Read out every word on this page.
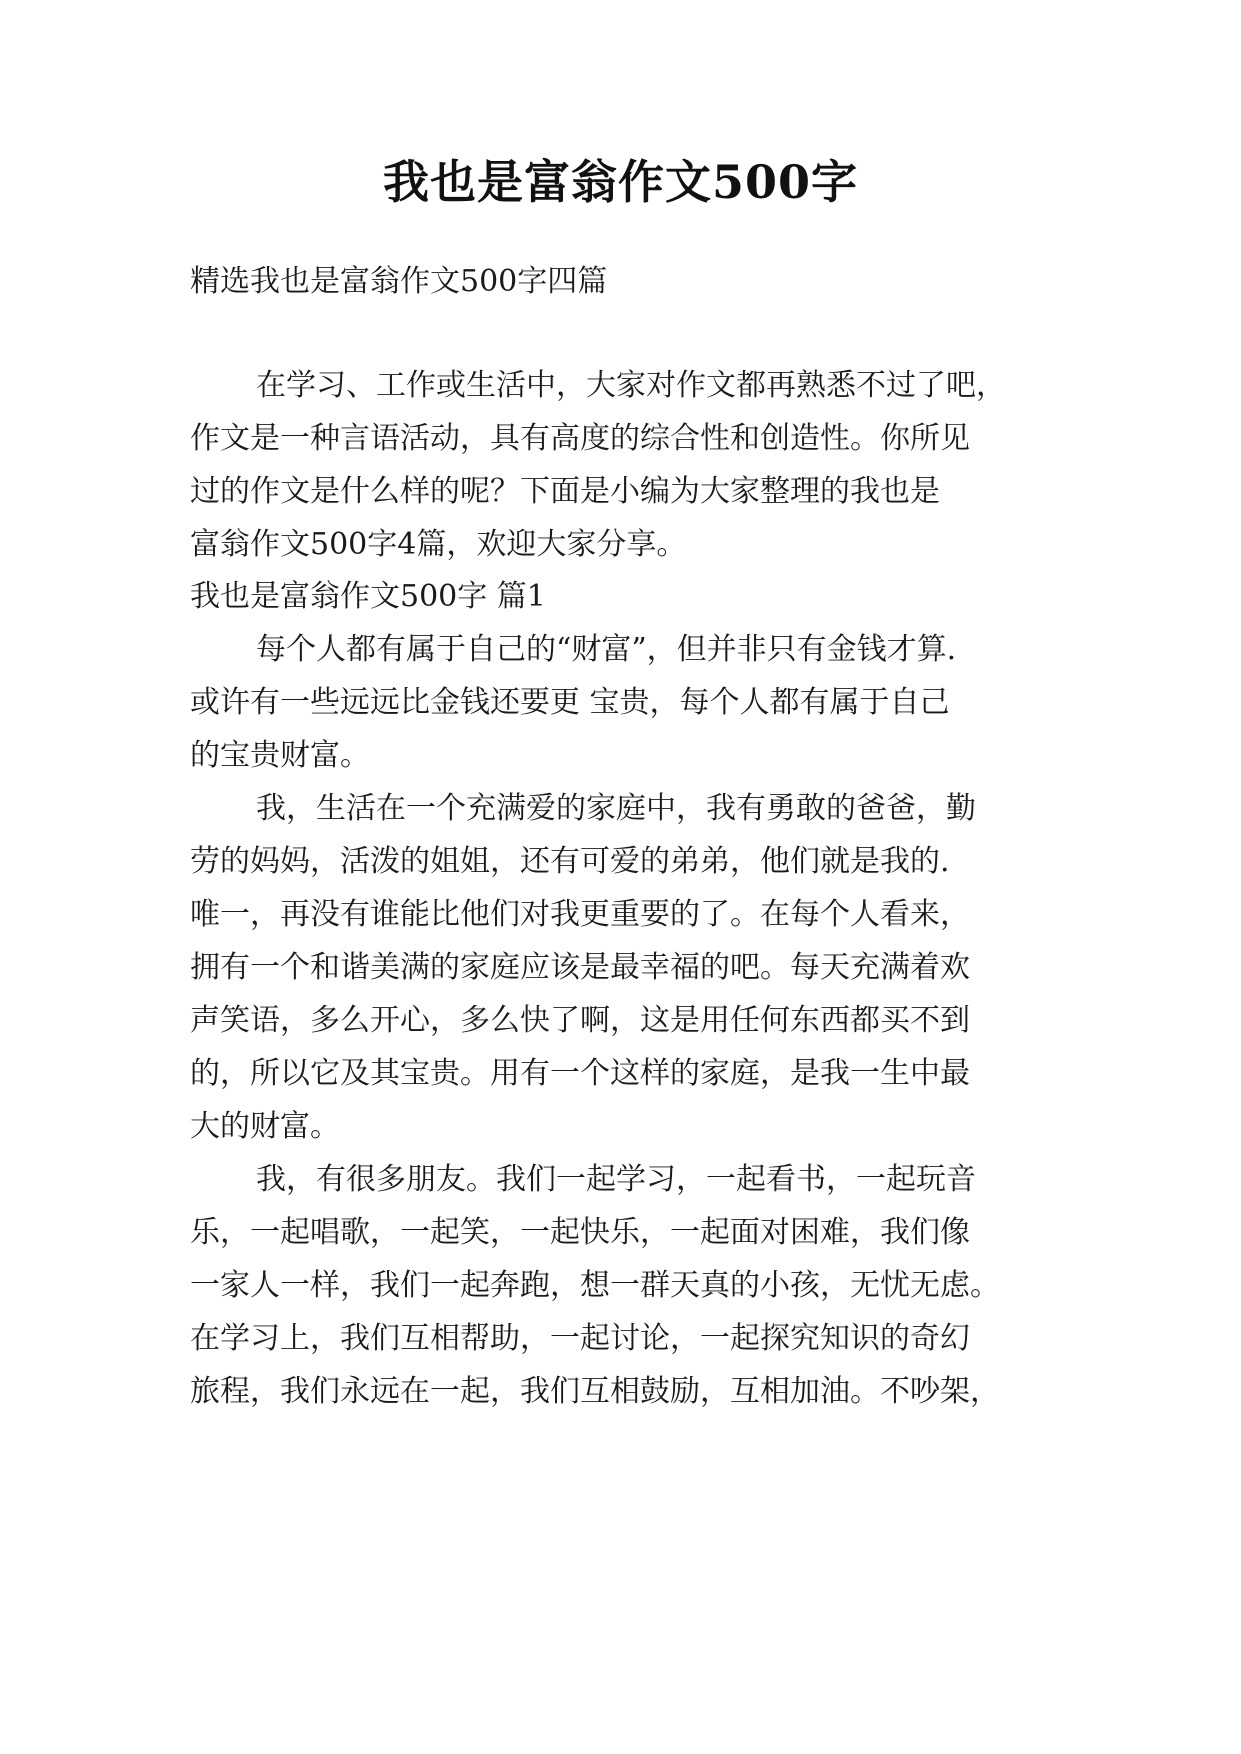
我也是富翁作文500字
精选我也是富翁作文500字四篇
在学习、工作或生活中，大家对作文都再熟悉不过了吧，
作文是一种言语活动，具有高度的综合性和创造性。你所见
过的作文是什么样的呢？下面是小编为大家整理的我也是
富翁作文500字4篇，欢迎大家分享。
我也是富翁作文500字 篇1
每个人都有属于自己的“财富”，但并非只有金钱才算.
或许有一些远远比金钱还要更 宝贵，每个人都有属于自己
的宝贵财富。
我，生活在一个充满爱的家庭中，我有勇敢的爸爸，勤
劳的妈妈，活泼的姐姐，还有可爱的弟弟，他们就是我的.
唯一，再没有谁能比他们对我更重要的了。在每个人看来，
拥有一个和谐美满的家庭应该是最幸福的吧。每天充满着欢
声笑语，多么开心，多么快了啊，这是用任何东西都买不到
的，所以它及其宝贵。用有一个这样的家庭，是我一生中最
大的财富。
我，有很多朋友。我们一起学习，一起看书，一起玩音
乐，一起唱歌，一起笑，一起快乐，一起面对困难，我们像
一家人一样，我们一起奔跑，想一群天真的小孩，无忧无虑。
在学习上，我们互相帮助，一起讨论，一起探究知识的奇幻
旅程，我们永远在一起，我们互相鼓励，互相加油。不吵架，
